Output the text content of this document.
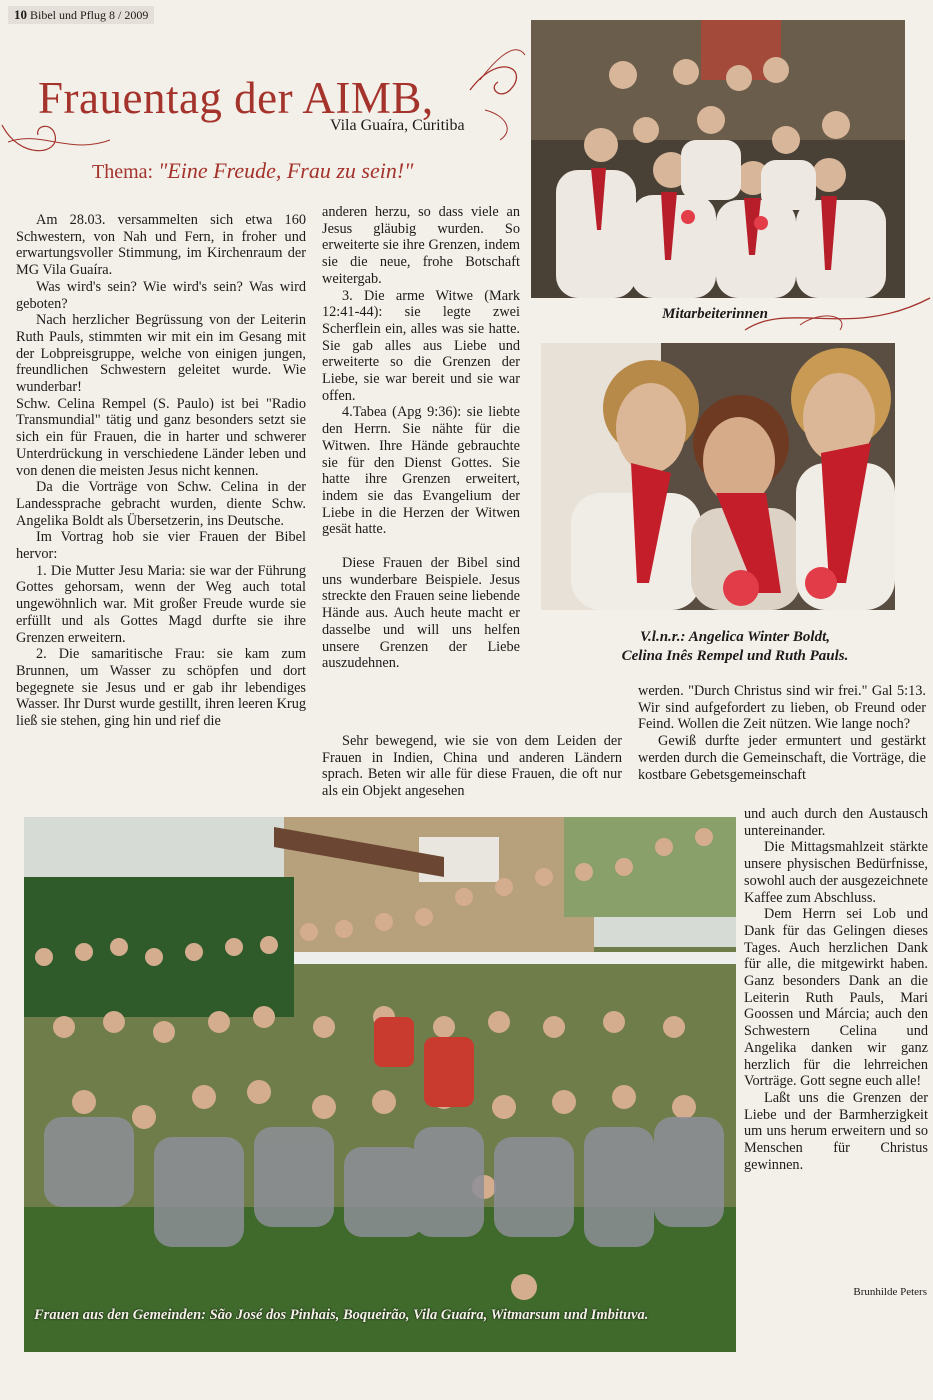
10 Bibel und Pflug 8 / 2009
Frauentag der AIMB,
Vila Guaíra, Curitiba
Thema: "Eine Freude, Frau zu sein!"

Am 28.03. versammelten sich etwa 160 Schwestern, von Nah und Fern, in froher und erwartungsvoller Stimmung, im Kirchenraum der MG Vila Guaíra.

Was wird's sein? Wie wird's sein? Was wird geboten?

Nach herzlicher Begrüssung von der Leiterin Ruth Pauls, stimmten wir mit ein im Gesang mit der Lobpreisgruppe, welche von einigen jungen, freundlichen Schwestern geleitet wurde. Wie wunderbar!

Schw. Celina Rempel (S. Paulo) ist bei "Radio Transmundial" tätig und ganz besonders setzt sie sich ein für Frauen, die in harter und schwerer Unterdrückung in verschiedene Länder leben und von denen die meisten Jesus nicht kennen.

Da die Vorträge von Schw. Celina in der Landessprache gebracht wurden, diente Schw. Angelika Boldt als Übersetzerin, ins Deutsche.

Im Vortrag hob sie vier Frauen der Bibel hervor:

1. Die Mutter Jesu Maria: sie war der Führung Gottes gehorsam, wenn der Weg auch total ungewöhnlich war. Mit großer Freude wurde sie erfüllt und als Gottes Magd durfte sie ihre Grenzen erweitern.

2. Die samaritische Frau: sie kam zum Brunnen, um Wasser zu schöpfen und dort begegnete sie Jesus und er gab ihr lebendiges Wasser. Ihr Durst wurde gestillt, ihren leeren Krug ließ sie stehen, ging hin und rief die

anderen herzu, so dass viele an Jesus gläubig wurden. So erweiterte sie ihre Grenzen, indem sie die neue, frohe Botschaft weitergab.

3. Die arme Witwe (Mark 12:41-44): sie legte zwei Scherflein ein, alles was sie hatte. Sie gab alles aus Liebe und erweiterte so die Grenzen der Liebe, sie war bereit und sie war offen.

4.Tabea (Apg 9:36): sie liebte den Herrn. Sie nähte für die Witwen. Ihre Hände gebrauchte sie für den Dienst Gottes. Sie hatte ihre Grenzen erweitert, indem sie das Evangelium der Liebe in die Herzen der Witwen gesät hatte.

Diese Frauen der Bibel sind uns wunderbare Beispiele. Jesus streckte den Frauen seine liebende Hände aus. Auch heute macht er dasselbe und will uns helfen unsere Grenzen der Liebe auszudehnen.

Sehr bewegend, wie sie von dem Leiden der Frauen in Indien, China und anderen Ländern sprach. Beten wir alle für diese Frauen, die oft nur als ein Objekt angesehen

werden. "Durch Christus sind wir frei." Gal 5:13. Wir sind aufgefordert zu lieben, ob Freund oder Feind. Wollen die Zeit nützen. Wie lange noch?

Gewiß durfte jeder ermuntert und gestärkt werden durch die Gemeinschaft, die Vorträge, die kostbare Gebetsgemeinschaft

und auch durch den Austausch untereinander.

Die Mittagsmahlzeit stärkte unsere physischen Bedürfnisse, sowohl auch der ausgezeichnete Kaffee zum Abschluss.

Dem Herrn sei Lob und Dank für das Gelingen dieses Tages. Auch herzlichen Dank für alle, die mitgewirkt haben. Ganz besonders Dank an die Leiterin Ruth Pauls, Mari Goossen und Márcia; auch den Schwestern Celina und Angelika danken wir ganz herzlich für die lehrreichen Vorträge. Gott segne euch alle!

Laßt uns die Grenzen der Liebe und der Barmherzigkeit um uns herum erweitern und so Menschen für Christus gewinnen.

Brunhilde Peters
Mitarbeiterinnen
V.l.n.r.: Angelica Winter Boldt,
Celina Inês Rempel und Ruth Pauls.
Frauen aus den Gemeinden: São José dos Pinhais, Boqueirão, Vila Guaíra, Witmarsum und Imbituva.
